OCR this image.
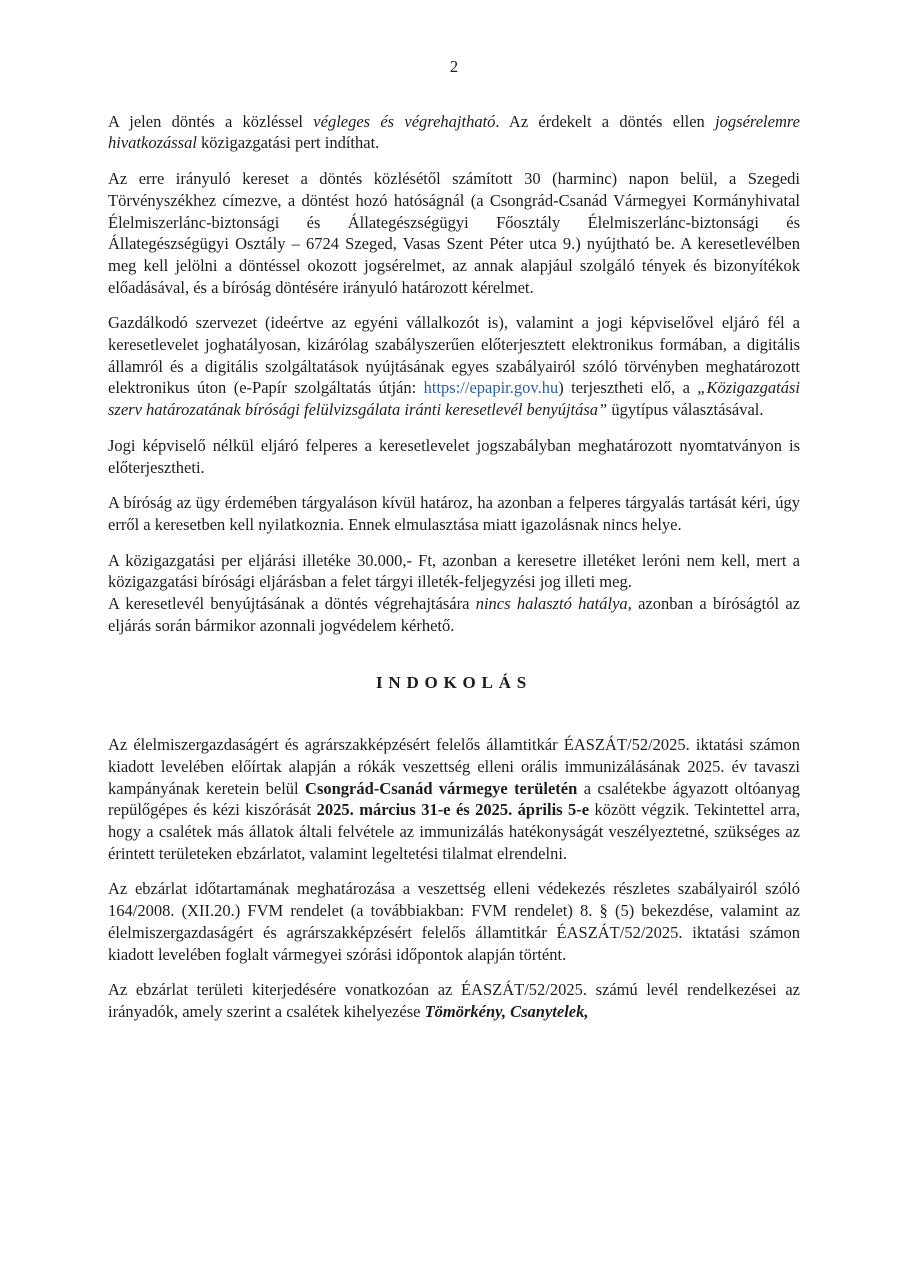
2

A jelen döntés a közléssel végleges és végrehajtható. Az érdekelt a döntés ellen jogsérelemre hivatkozással közigazgatási pert indíthat.

Az erre irányuló kereset a döntés közlésétől számított 30 (harminc) napon belül, a Szegedi Törvényszékhez címezve, a döntést hozó hatóságnál (a Csongrád-Csanád Vármegyei Kormányhivatal Élelmiszerlánc-biztonsági és Állategészségügyi Főosztály Élelmiszerlánc-biztonsági és Állategészségügyi Osztály – 6724 Szeged, Vasas Szent Péter utca 9.) nyújtható be. A keresetlevélben meg kell jelölni a döntéssel okozott jogsérelmet, az annak alapjául szolgáló tények és bizonyítékok előadásával, és a bíróság döntésére irányuló határozott kérelmet.

Gazdálkodó szervezet (ideértve az egyéni vállalkozót is), valamint a jogi képviselővel eljáró fél a keresetlevelet joghatályosan, kizárólag szabályszerűen előterjesztett elektronikus formában, a digitális államról és a digitális szolgáltatások nyújtásának egyes szabályairól szóló törvényben meghatározott elektronikus úton (e-Papír szolgáltatás útján: https://epapir.gov.hu) terjesztheti elő, a „Közigazgatási szerv határozatának bírósági felülvizsgálata iránti keresetlevél benyújtása” ügytípus választásával.

Jogi képviselő nélkül eljáró felperes a keresetlevelet jogszabályban meghatározott nyomtatványon is előterjesztheti.

A bíróság az ügy érdemében tárgyaláson kívül határoz, ha azonban a felperes tárgyalás tartását kéri, úgy erről a keresetben kell nyilatkoznia. Ennek elmulasztása miatt igazolásnak nincs helye.

A közigazgatási per eljárási illetéke 30.000,- Ft, azonban a keresetre illetéket leróni nem kell, mert a közigazgatási bírósági eljárásban a felet tárgyi illeték-feljegyzési jog illeti meg.

A keresetlevél benyújtásának a döntés végrehajtására nincs halasztó hatálya, azonban a bíróságtól az eljárás során bármikor azonnali jogvédelem kérhető.

INDOKOLÁS

Az élelmiszergazdaságért és agrárszakképzésért felelős államtitkár ÉASZÁT/52/2025. iktatási számon kiadott levelében előírtak alapján a rókák veszettség elleni orális immunizálásának 2025. év tavaszi kampányának keretein belül Csongrád-Csanád vármegye területén a csalétekbe ágyazott oltóanyag repülőgépes és kézi kiszórását 2025. március 31-e és 2025. április 5-e között végzik. Tekintettel arra, hogy a csalétek más állatok általi felvétele az immunizálás hatékonyságát veszélyeztetné, szükséges az érintett területeken ebzárlatot, valamint legeltetési tilalmat elrendelni.

Az ebzárlat időtartamának meghatározása a veszettség elleni védekezés részletes szabályairól szóló 164/2008. (XII.20.) FVM rendelet (a továbbiakban: FVM rendelet) 8. § (5) bekezdése, valamint az élelmiszergazdaságért és agrárszakképzésért felelős államtitkár ÉASZÁT/52/2025. iktatási számon kiadott levelében foglalt vármegyei szórási időpontok alapján történt.

Az ebzárlat területi kiterjedésére vonatkozóan az ÉASZÁT/52/2025. számú levél rendelkezései az irányadók, amely szerint a csalétek kihelyezése Tömörkény, Csanytelek,
